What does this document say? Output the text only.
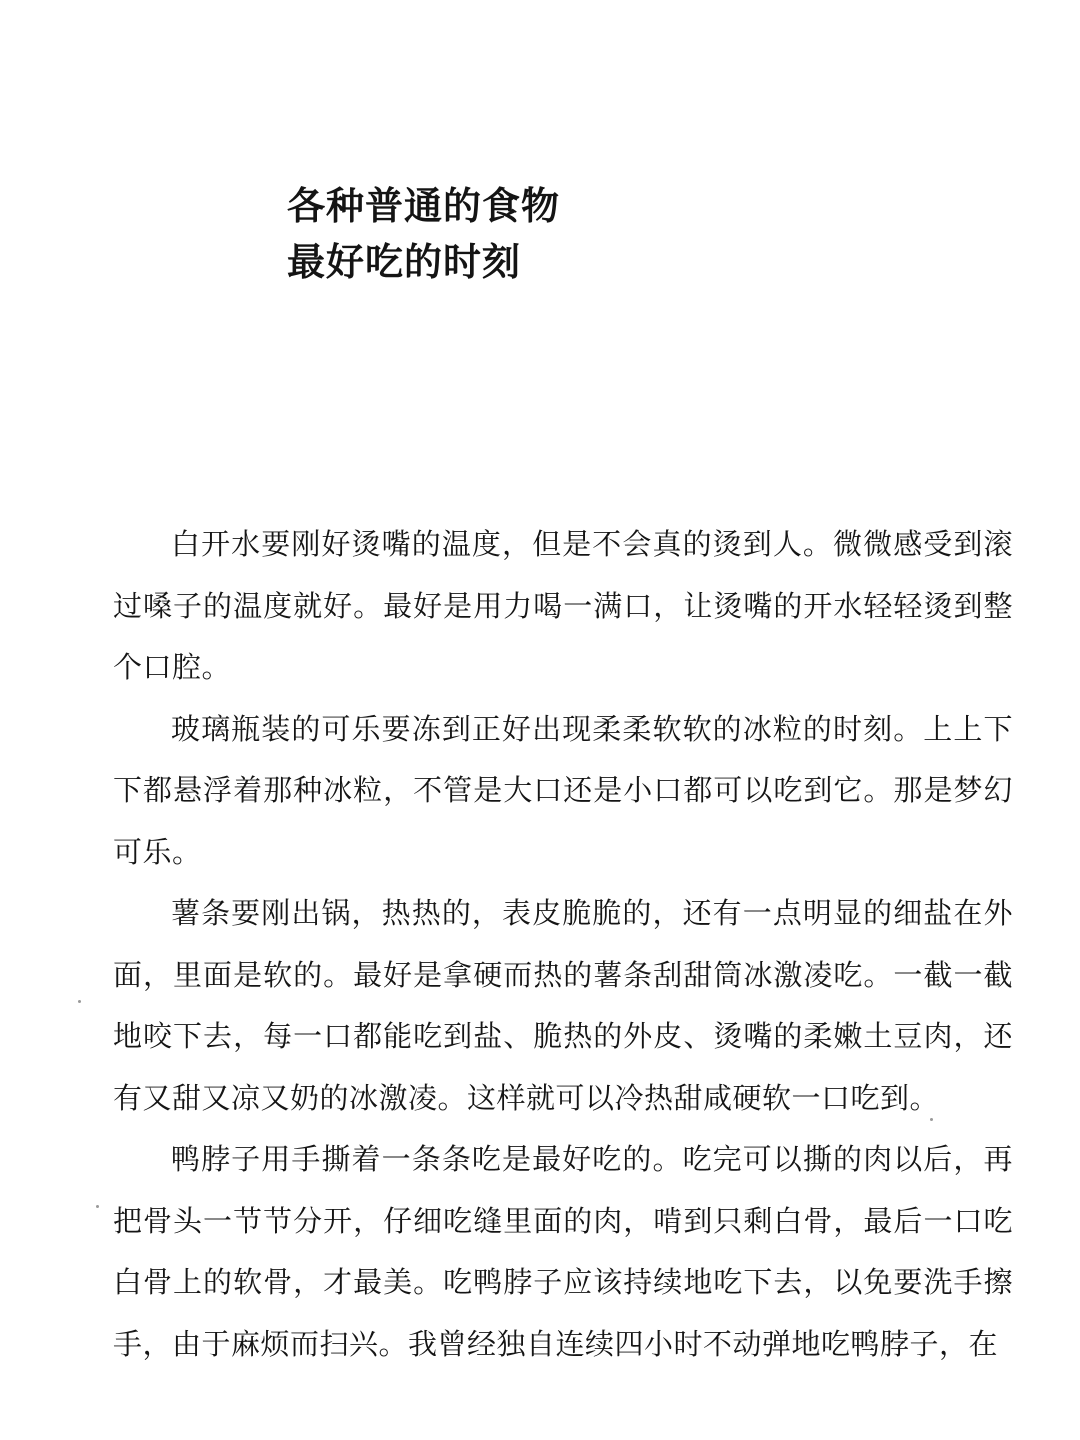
各种普通的食物
最好吃的时刻

白开水要刚好烫嘴的温度，但是不会真的烫到人。微微感受到滚过嗓子的温度就好。最好是用力喝一满口，让烫嘴的开水轻轻烫到整个口腔。

玻璃瓶装的可乐要冻到正好出现柔柔软软的冰粒的时刻。上上下下都悬浮着那种冰粒，不管是大口还是小口都可以吃到它。那是梦幻可乐。

薯条要刚出锅，热热的，表皮脆脆的，还有一点明显的细盐在外面，里面是软的。最好是拿硬而热的薯条刮甜筒冰激凌吃。一截一截地咬下去，每一口都能吃到盐、脆热的外皮、烫嘴的柔嫩土豆肉，还有又甜又凉又奶的冰激凌。这样就可以冷热甜咸硬软一口吃到。

鸭脖子用手撕着一条条吃是最好吃的。吃完可以撕的肉以后，再把骨头一节节分开，仔细吃缝里面的肉，啃到只剩白骨，最后一口吃白骨上的软骨，才最美。吃鸭脖子应该持续地吃下去，以免要洗手擦手，由于麻烦而扫兴。我曾经独自连续四小时不动弹地吃鸭脖子，在
